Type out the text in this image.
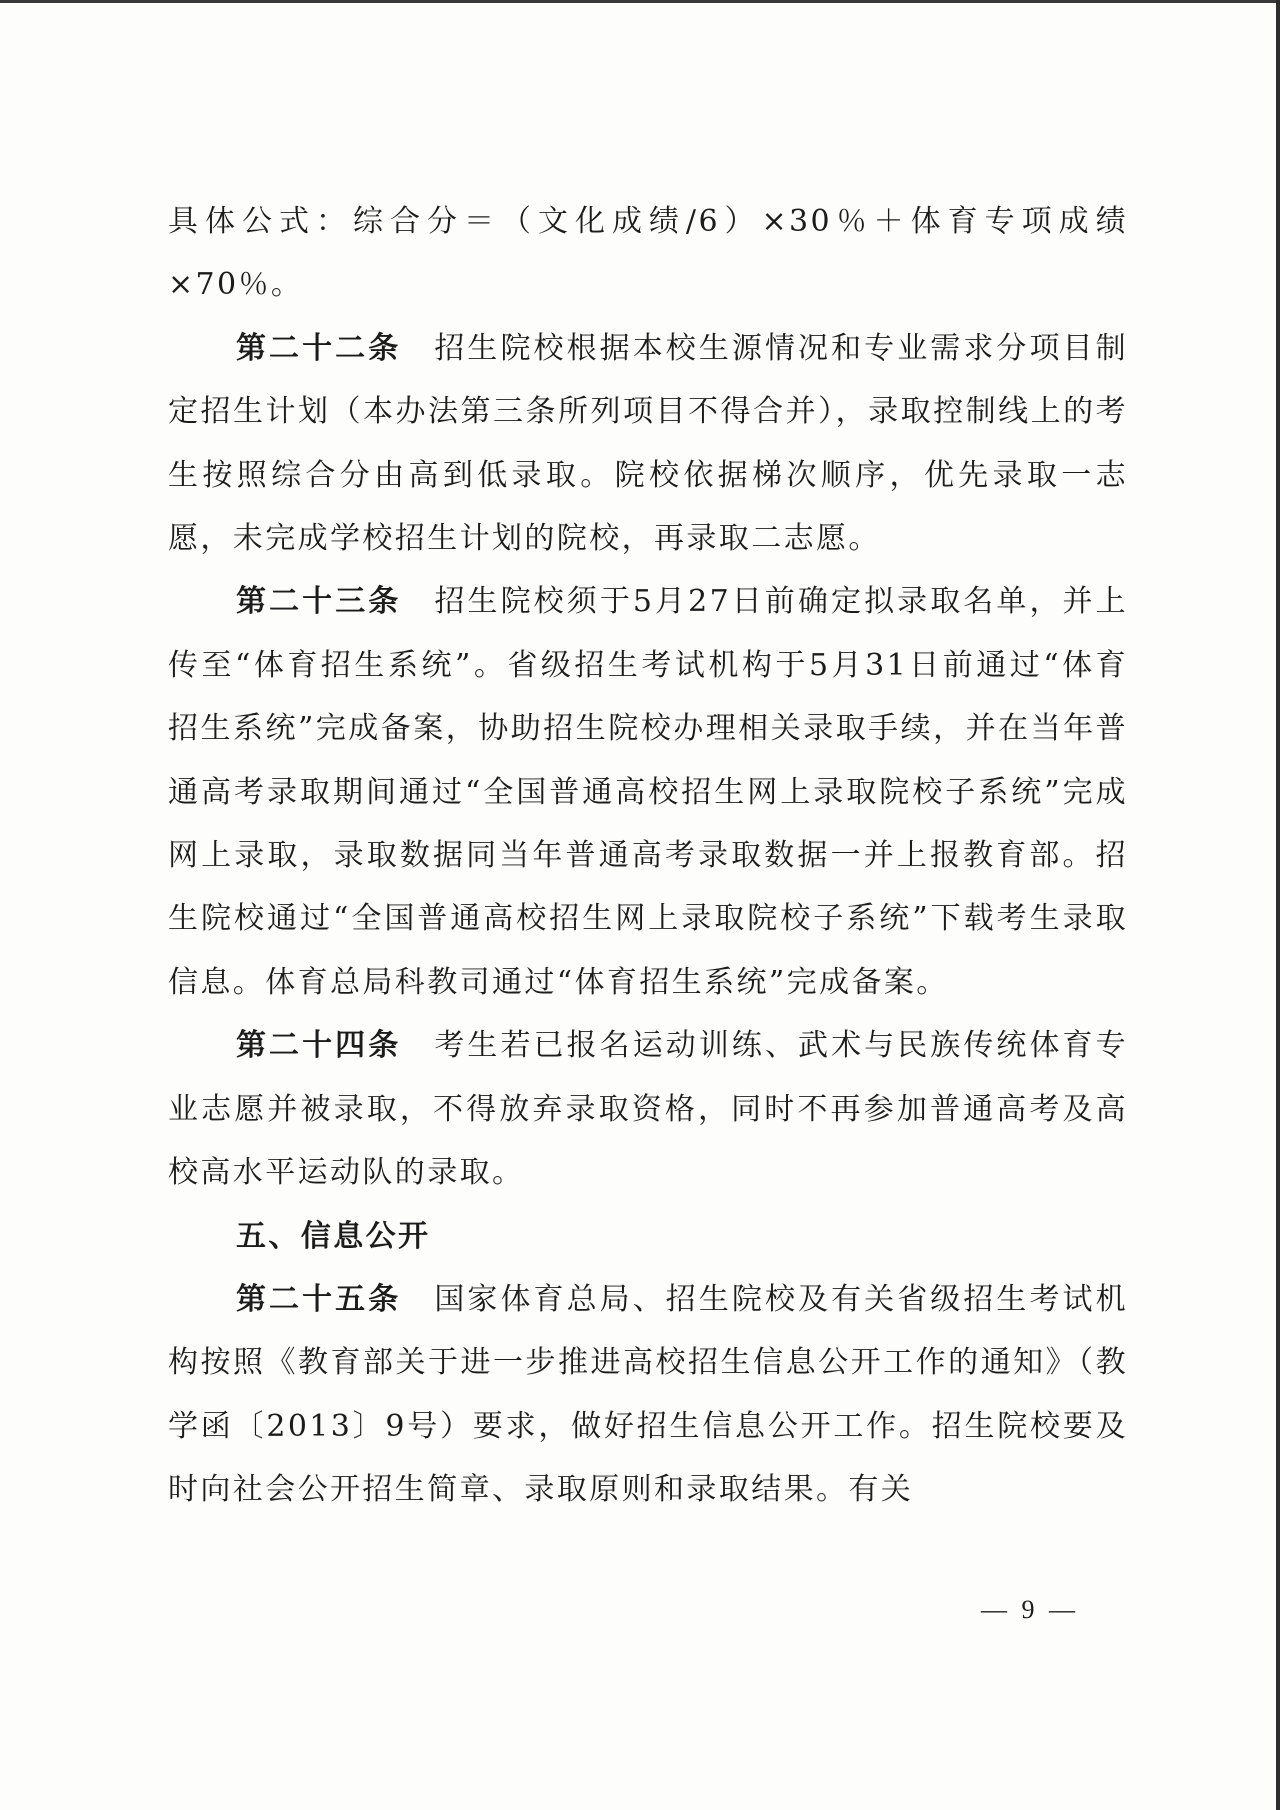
具体公式：综合分＝（文化成绩/6）×30％＋体育专项成绩×70％。

第二十二条　 招生院校根据本校生源情况和专业需求分项目制定招生计划（本办法第三条所列项目不得合并），录取控制线上的考生按照综合分由高到低录取。院校依据梯次顺序，优先录取一志愿，未完成学校招生计划的院校，再录取二志愿。

第二十三条　 招生院校须于5月27日前确定拟录取名单，并上传至“体育招生系统”。省级招生考试机构于5月31日前通过“体育招生系统”完成备案，协助招生院校办理相关录取手续，并在当年普通高考录取期间通过“全国普通高校招生网上录取院校子系统”完成网上录取，录取数据同当年普通高考录取数据一并上报教育部。招生院校通过“全国普通高校招生网上录取院校子系统”下载考生录取信息。体育总局科教司通过“体育招生系统”完成备案。

第二十四条　 考生若已报名运动训练、武术与民族传统体育专业志愿并被录取，不得放弃录取资格，同时不再参加普通高考及高校高水平运动队的录取。

五、信息公开

第二十五条　 国家体育总局、招生院校及有关省级招生考试机构按照《教育部关于进一步推进高校招生信息公开工作的通知》（教学函〔2013〕9号）要求，做好招生信息公开工作。招生院校要及时向社会公开招生简章、录取原则和录取结果。有关

— 9 —
